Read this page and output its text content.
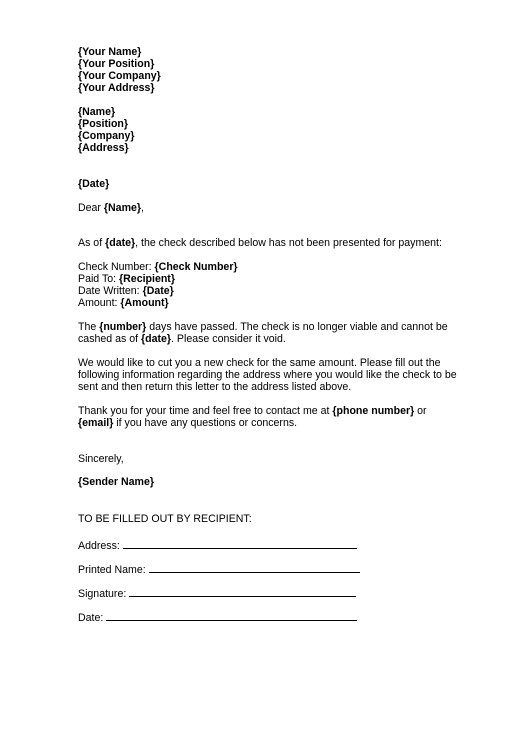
{Your Name}
{Your Position}
{Your Company}
{Your Address}
{Name}
{Position}
{Company}
{Address}
{Date}
Dear {Name},
As of {date}, the check described below has not been presented for payment:
Check Number: {Check Number}
Paid To: {Recipient}
Date Written: {Date}
Amount: {Amount}
The {number} days have passed. The check is no longer viable and cannot be
cashed as of {date}. Please consider it void.
We would like to cut you a new check for the same amount. Please fill out the
following information regarding the address where you would like the check to be
sent and then return this letter to the address listed above.
Thank you for your time and feel free to contact me at {phone number} or
{email} if you have any questions or concerns.
Sincerely,
{Sender Name}
TO BE FILLED OUT BY RECIPIENT:
Address:
Printed Name:
Signature:
Date:
